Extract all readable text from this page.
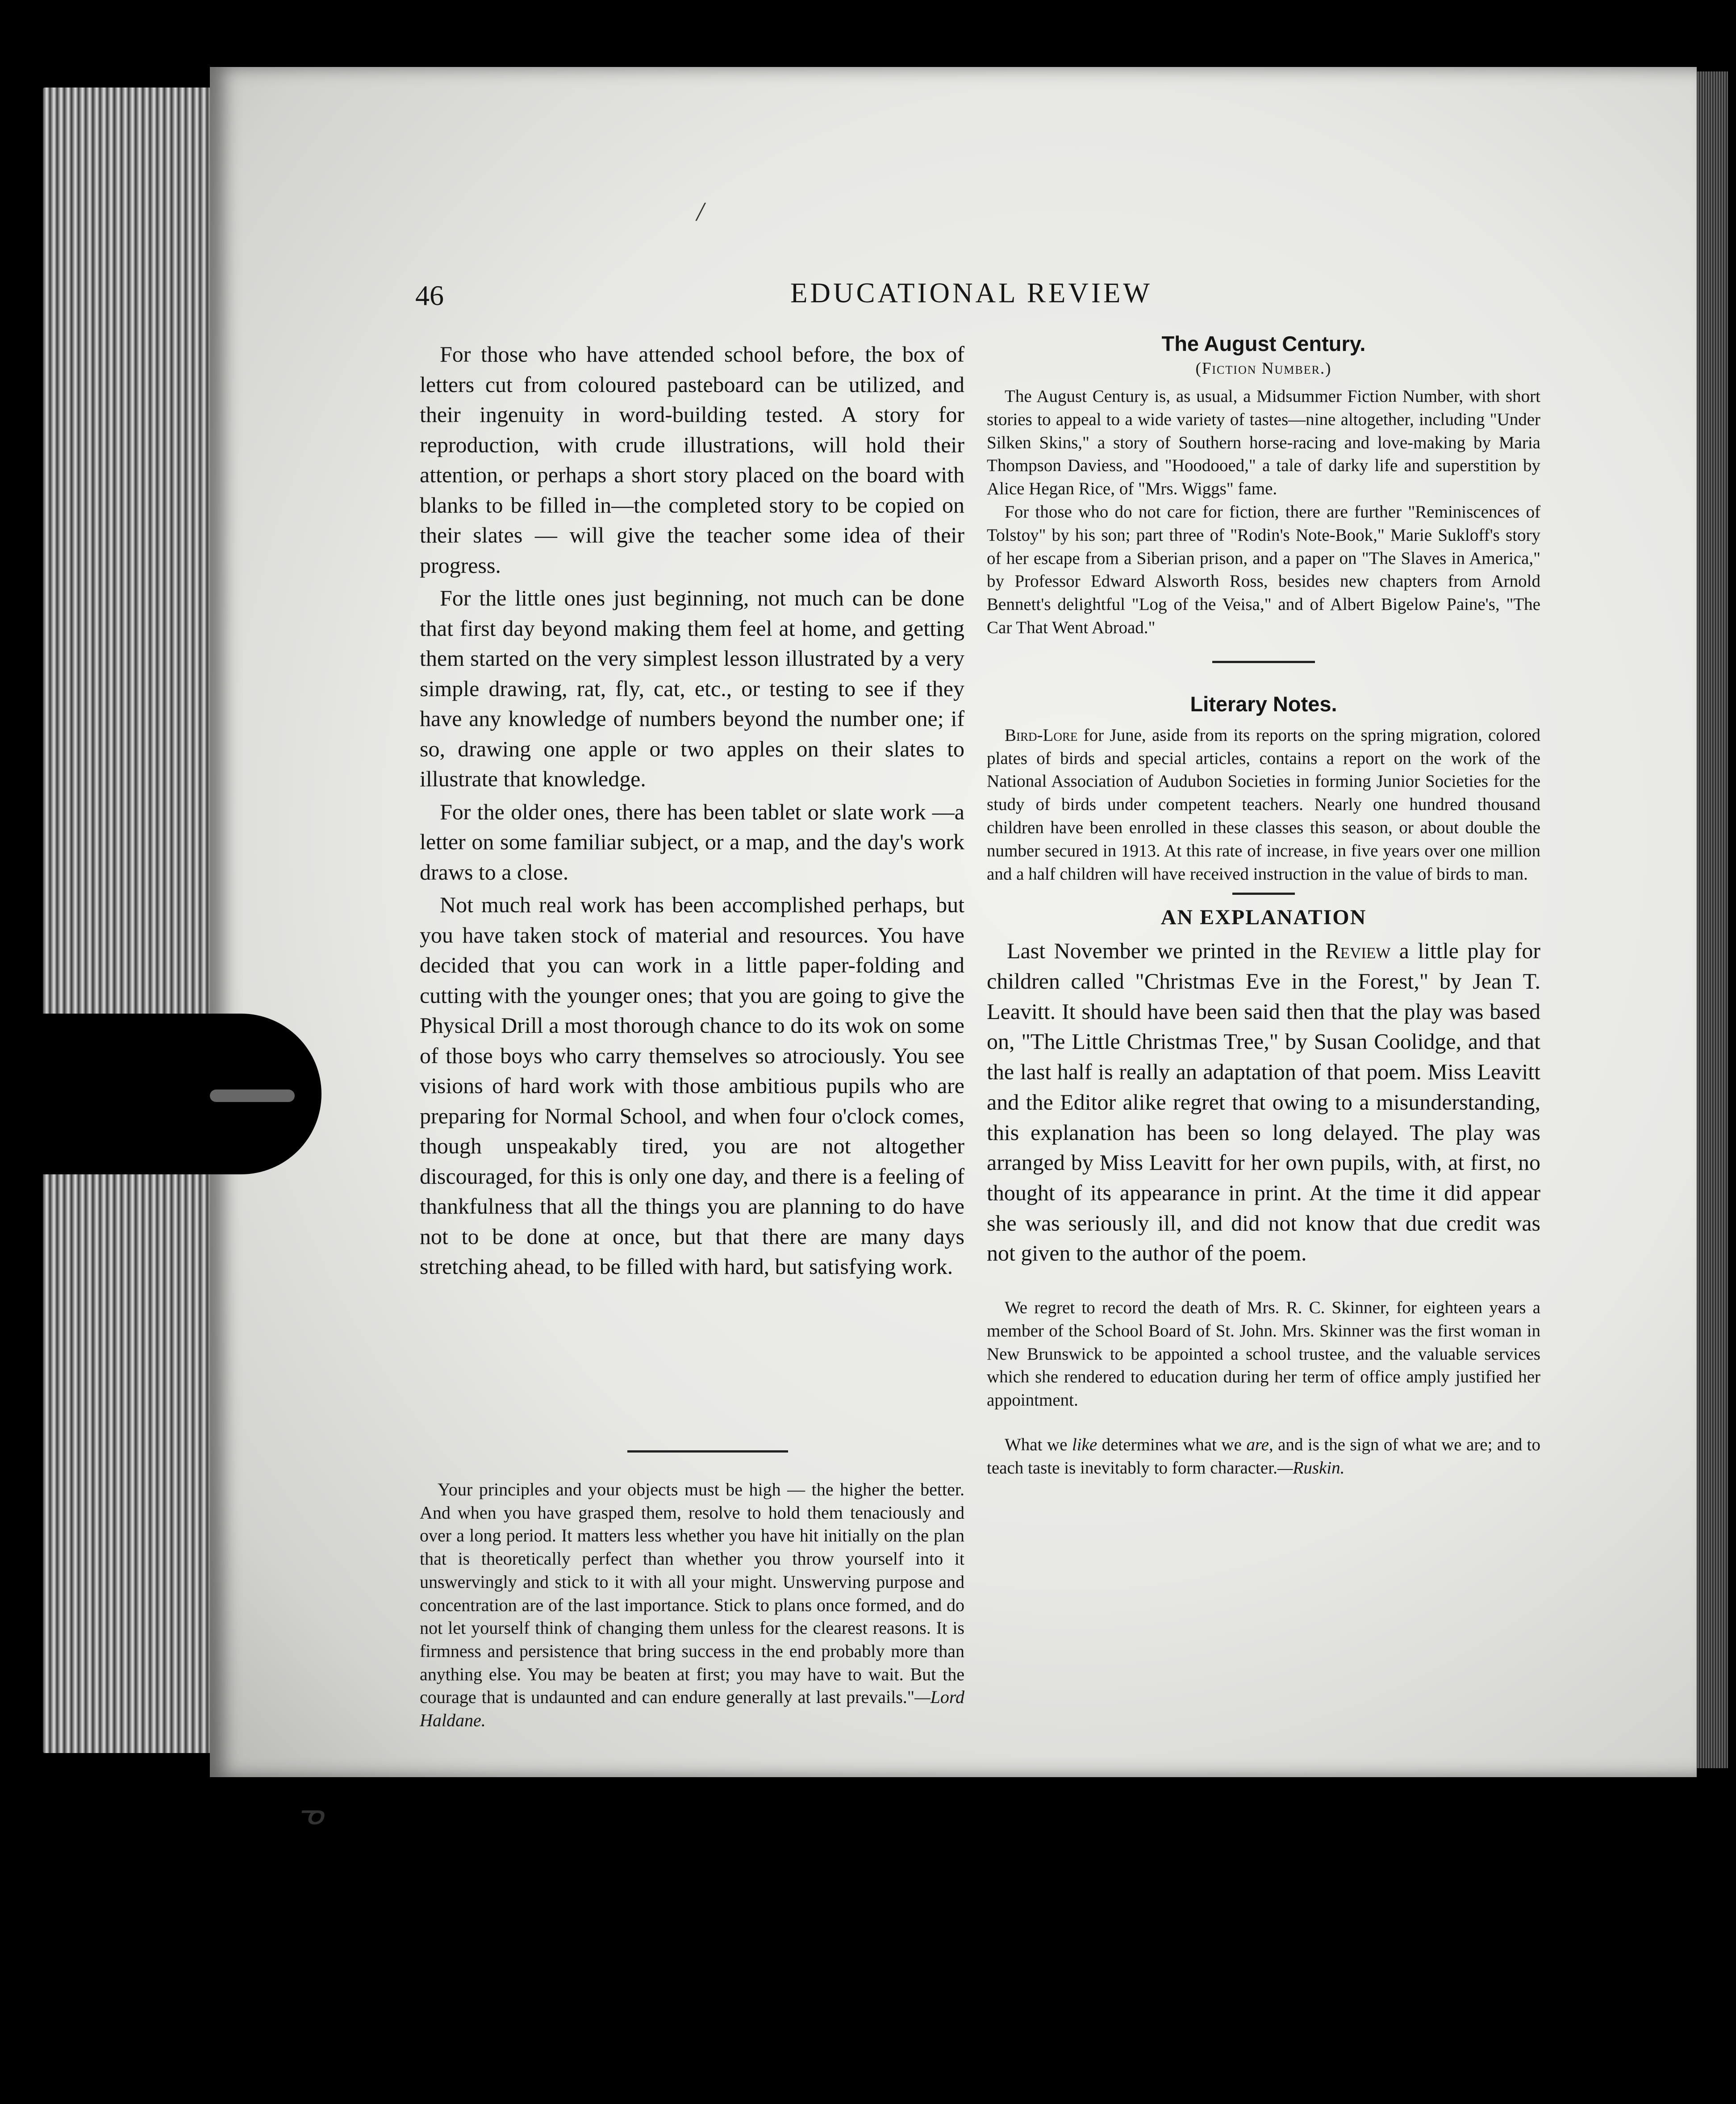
/
ᓀ
46	EDUCATIONAL REVIEW

For those who have attended school before, the box of letters cut from coloured pasteboard can be utilized, and their ingenuity in word-building tested. A story for reproduction, with crude illustrations, will hold their attention, or perhaps a short story placed on the board with blanks to be filled in—the completed story to be copied on their slates — will give the teacher some idea of their progress.

For the little ones just beginning, not much can be done that first day beyond making them feel at home, and getting them started on the very simplest lesson illustrated by a very simple drawing, rat, fly, cat, etc., or testing to see if they have any knowledge of numbers beyond the number one; if so, drawing one apple or two apples on their slates to illustrate that knowledge.

For the older ones, there has been tablet or slate work —a letter on some familiar subject, or a map, and the day's work draws to a close.

Not much real work has been accomplished perhaps, but you have taken stock of material and resources. You have decided that you can work in a little paper-folding and cutting with the younger ones; that you are going to give the Physical Drill a most thorough chance to do its wok on some of those boys who carry themselves so atrociously. You see visions of hard work with those ambitious pupils who are preparing for Normal School, and when four o'clock comes, though unspeakably tired, you are not altogether discouraged, for this is only one day, and there is a feeling of thankfulness that all the things you are planning to do have not to be done at once, but that there are many days stretching ahead, to be filled with hard, but satisfying work.

Your principles and your objects must be high — the higher the better. And when you have grasped them, resolve to hold them tenaciously and over a long period. It matters less whether you have hit initially on the plan that is theoretically perfect than whether you throw yourself into it unswervingly and stick to it with all your might. Unswerving purpose and concentration are of the last importance. Stick to plans once formed, and do not let yourself think of changing them unless for the clearest reasons. It is firmness and persistence that bring success in the end probably more than anything else. You may be beaten at first; you may have to wait. But the courage that is undaunted and can endure generally at last prevails."—Lord Haldane.
The August Century.
(Fiction Number.)

The August Century is, as usual, a Midsummer Fiction Number, with short stories to appeal to a wide variety of tastes—nine altogether, including "Under Silken Skins," a story of Southern horse-racing and love-making by Maria Thompson Daviess, and "Hoodooed," a tale of darky life and superstition by Alice Hegan Rice, of "Mrs. Wiggs" fame.

For those who do not care for fiction, there are further "Reminiscences of Tolstoy" by his son; part three of "Rodin's Note-Book," Marie Sukloff's story of her escape from a Siberian prison, and a paper on "The Slaves in America," by Professor Edward Alsworth Ross, besides new chapters from Arnold Bennett's delightful "Log of the Veisa," and of Albert Bigelow Paine's, "The Car That Went Abroad."

Literary Notes.

Bird-Lore for June, aside from its reports on the spring migration, colored plates of birds and special articles, contains a report on the work of the National Association of Audubon Societies in forming Junior Societies for the study of birds under competent teachers. Nearly one hundred thousand children have been enrolled in these classes this season, or about double the number secured in 1913. At this rate of increase, in five years over one million and a half children will have received instruction in the value of birds to man.

AN EXPLANATION

Last November we printed in the Review a little play for children called "Christmas Eve in the Forest," by Jean T. Leavitt. It should have been said then that the play was based on, "The Little Christmas Tree," by Susan Coolidge, and that the last half is really an adaptation of that poem. Miss Leavitt and the Editor alike regret that owing to a misunderstanding, this explanation has been so long delayed. The play was arranged by Miss Leavitt for her own pupils, with, at first, no thought of its appearance in print. At the time it did appear she was seriously ill, and did not know that due credit was not given to the author of the poem.

We regret to record the death of Mrs. R. C. Skinner, for eighteen years a member of the School Board of St. John. Mrs. Skinner was the first woman in New Brunswick to be appointed a school trustee, and the valuable services which she rendered to education during her term of office amply justified her appointment.

What we like determines what we are, and is the sign of what we are; and to teach taste is inevitably to form character.—Ruskin.
